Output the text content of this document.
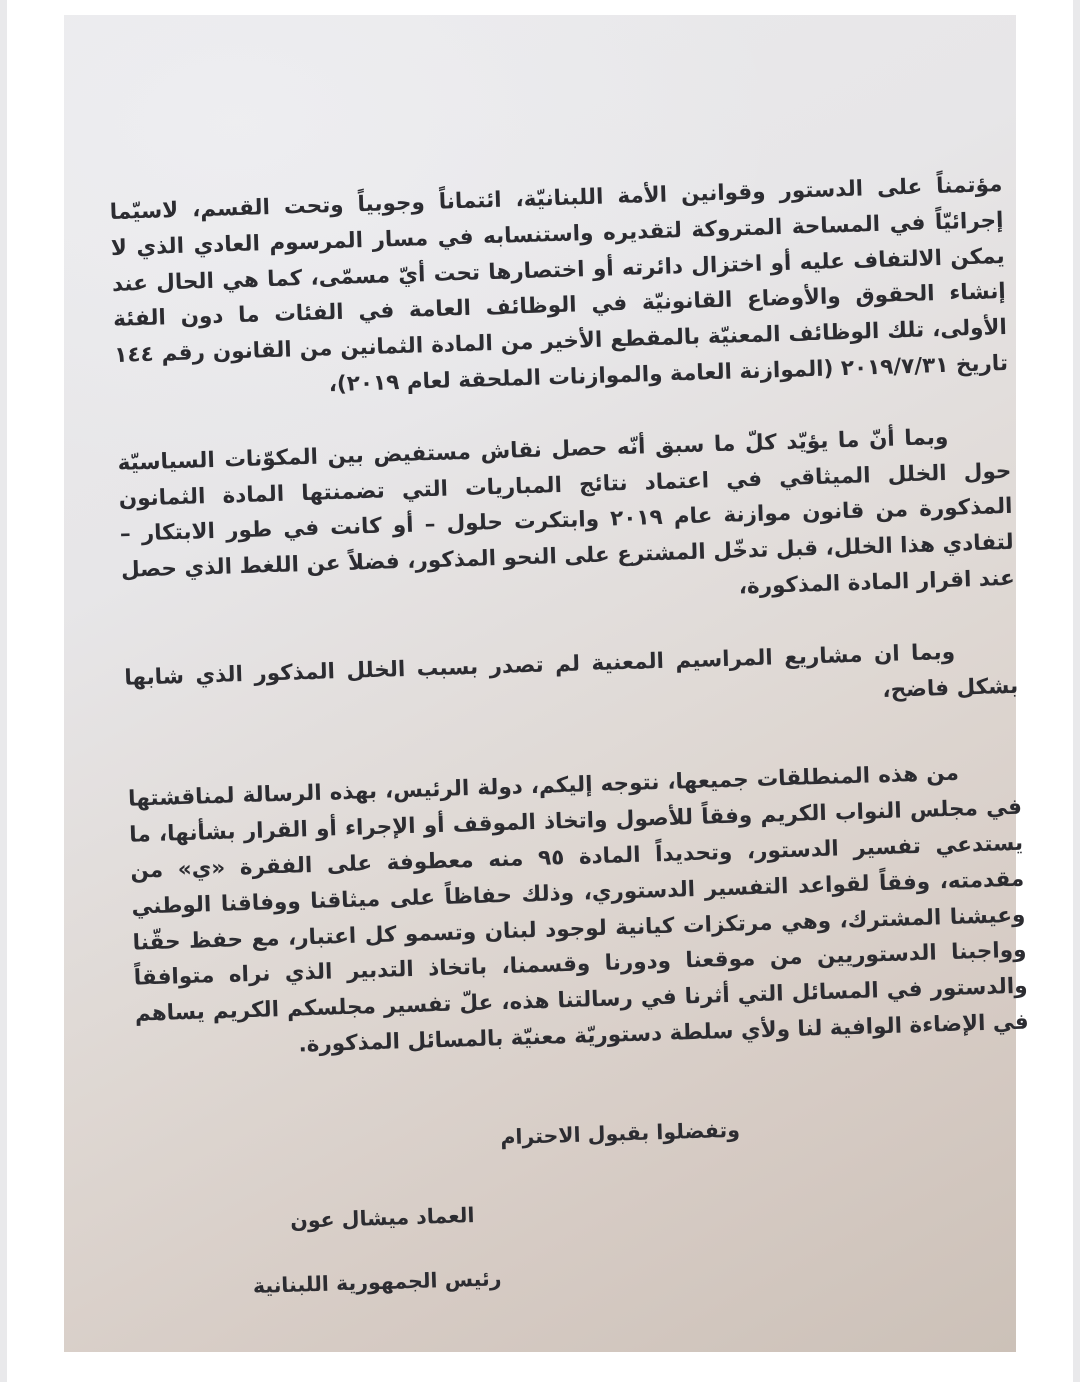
مؤتمناً على الدستور وقوانين الأمة اللبنانيّة، ائتماناً وجوبياً وتحت القسم، لاسيّما إجرائيّاً في المساحة المتروكة لتقديره واستنسابه في مسار المرسوم العادي الذي لا يمكن الالتفاف عليه أو اختزال دائرته أو اختصارها تحت أيّ مسمّى، كما هي الحال عند إنشاء الحقوق والأوضاع القانونيّة في الوظائف العامة في الفئات ما دون الفئة الأولى، تلك الوظائف المعنيّة بالمقطع الأخير من المادة الثمانين من القانون رقم ١٤٤ تاريخ ٢٠١٩/٧/٣١ (الموازنة العامة والموازنات الملحقة لعام ٢٠١٩)،

وبما أنّ ما يؤيّد كلّ ما سبق أنّه حصل نقاش مستفيض بين المكوّنات السياسيّة حول الخلل الميثاقي في اعتماد نتائج المباريات التي تضمنتها المادة الثمانون المذكورة من قانون موازنة عام ٢٠١٩ وابتكرت حلول – أو كانت في طور الابتكار – لتفادي هذا الخلل، قبل تدخّل المشترع على النحو المذكور، فضلاً عن اللغط الذي حصل عند اقرار المادة المذكورة،

وبما ان مشاريع المراسيم المعنية لم تصدر بسبب الخلل المذكور الذي شابها بشكل فاضح،

من هذه المنطلقات جميعها، نتوجه إليكم، دولة الرئيس، بهذه الرسالة لمناقشتها في مجلس النواب الكريم وفقاً للأصول واتخاذ الموقف أو الإجراء أو القرار بشأنها، ما يستدعي تفسير الدستور، وتحديداً المادة ٩٥ منه معطوفة على الفقرة «ي» من مقدمته، وفقاً لقواعد التفسير الدستوري، وذلك حفاظاً على ميثاقنا ووفاقنا الوطني وعيشنا المشترك، وهي مرتكزات كيانية لوجود لبنان وتسمو كل اعتبار، مع حفظ حقّنا وواجبنا الدستوريين من موقعنا ودورنا وقسمنا، باتخاذ التدبير الذي نراه متوافقاً والدستور في المسائل التي أثرنا في رسالتنا هذه، علّ تفسير مجلسكم الكريم يساهم في الإضاءة الوافية لنا ولأي سلطة دستوريّة معنيّة بالمسائل المذكورة.

وتفضلوا بقبول الاحترام
العماد ميشال عون
رئيس الجمهورية اللبنانية
